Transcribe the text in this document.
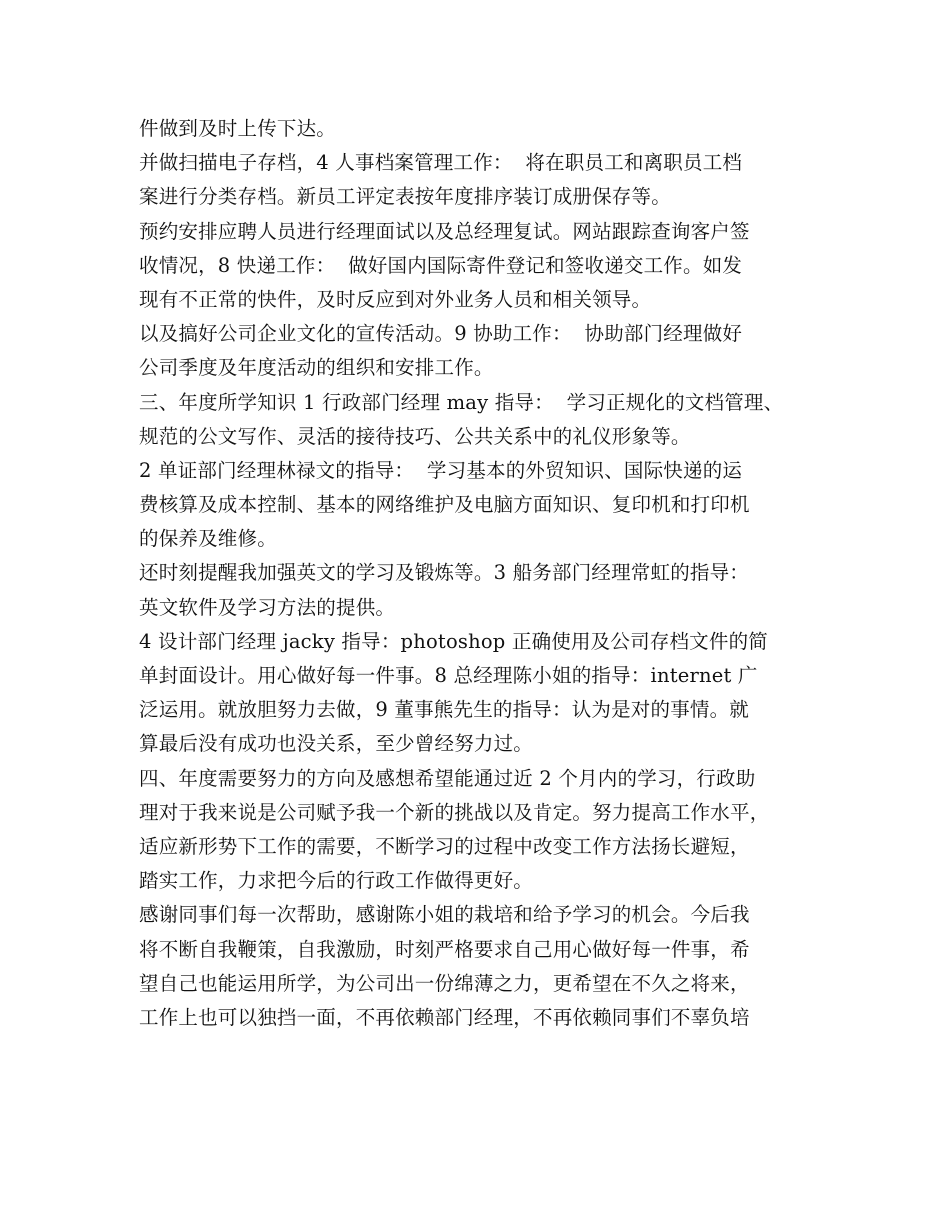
件做到及时上传下达。
并做扫描电子存档，4 人事档案管理工作：  将在职员工和离职员工档
案进行分类存档。新员工评定表按年度排序装订成册保存等。
预约安排应聘人员进行经理面试以及总经理复试。网站跟踪查询客户签
收情况，8 快递工作：  做好国内国际寄件登记和签收递交工作。如发
现有不正常的快件，及时反应到对外业务人员和相关领导。
以及搞好公司企业文化的宣传活动。9 协助工作：  协助部门经理做好
公司季度及年度活动的组织和安排工作。
三、年度所学知识 1 行政部门经理 may 指导：  学习正规化的文档管理、
规范的公文写作、灵活的接待技巧、公共关系中的礼仪形象等。
2 单证部门经理林禄文的指导：  学习基本的外贸知识、国际快递的运
费核算及成本控制、基本的网络维护及电脑方面知识、复印机和打印机
的保养及维修。
还时刻提醒我加强英文的学习及锻炼等。3 船务部门经理常虹的指导：
英文软件及学习方法的提供。
4 设计部门经理 jacky 指导：photoshop 正确使用及公司存档文件的简
单封面设计。用心做好每一件事。8 总经理陈小姐的指导：internet 广
泛运用。就放胆努力去做，9 董事熊先生的指导：认为是对的事情。就
算最后没有成功也没关系，至少曾经努力过。
四、年度需要努力的方向及感想希望能通过近 2 个月内的学习，行政助
理对于我来说是公司赋予我一个新的挑战以及肯定。努力提高工作水平，
适应新形势下工作的需要，不断学习的过程中改变工作方法扬长避短，
踏实工作，力求把今后的行政工作做得更好。
感谢同事们每一次帮助，感谢陈小姐的栽培和给予学习的机会。今后我
将不断自我鞭策，自我激励，时刻严格要求自己用心做好每一件事，希
望自己也能运用所学，为公司出一份绵薄之力，更希望在不久之将来，
工作上也可以独挡一面，不再依赖部门经理，不再依赖同事们不辜负培
